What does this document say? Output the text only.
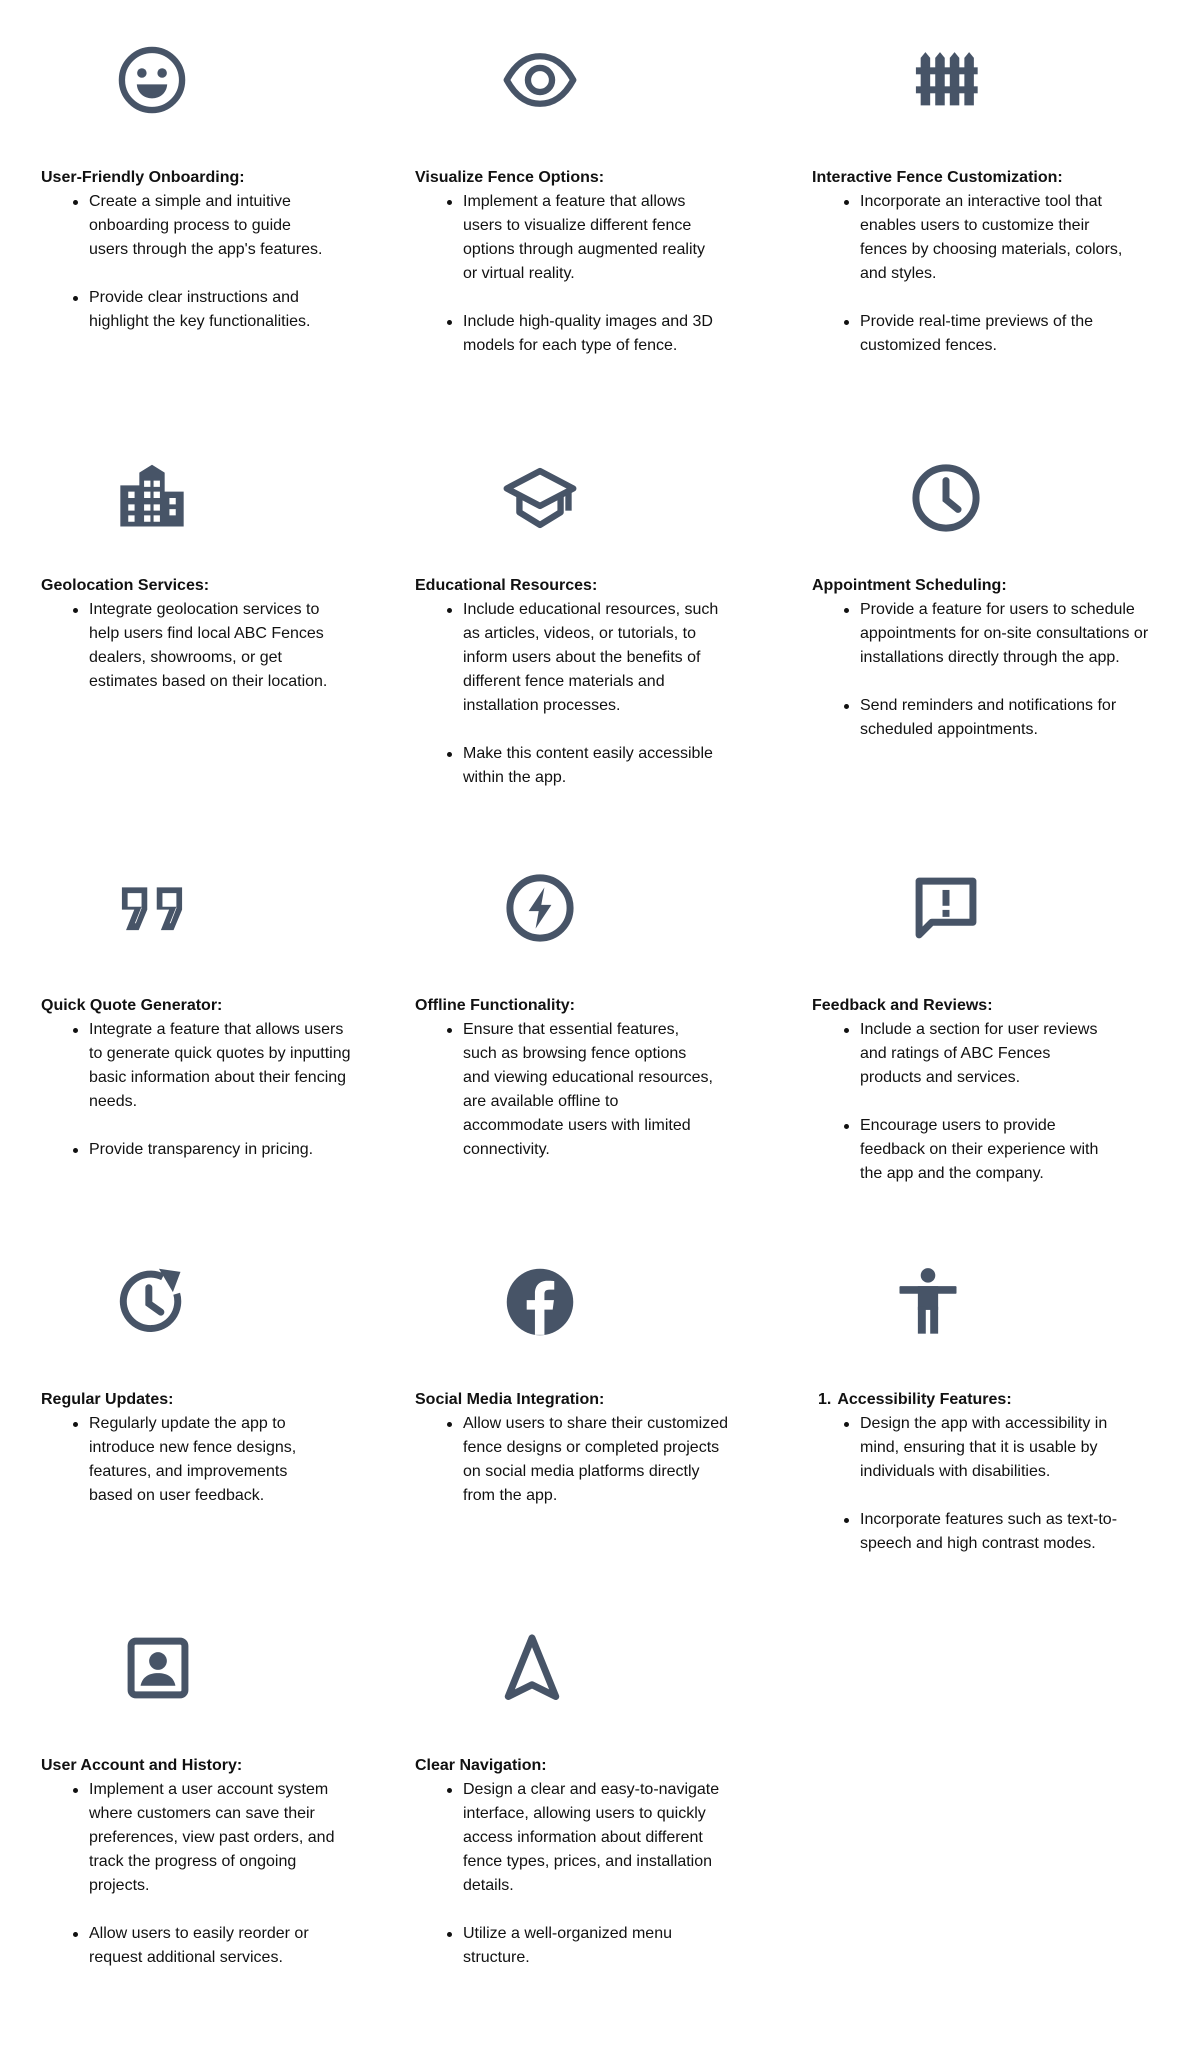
User-Friendly Onboarding:
Create a simple and intuitive onboarding process to guide users through the app's features.
Provide clear instructions and highlight the key functionalities.
Visualize Fence Options:
Implement a feature that allows users to visualize different fence options through augmented reality or virtual reality.
Include high-quality images and 3D models for each type of fence.
Interactive Fence Customization:
Incorporate an interactive tool that enables users to customize their fences by choosing materials, colors, and styles.
Provide real-time previews of the customized fences.
Geolocation Services:
Integrate geolocation services to help users find local ABC Fences dealers, showrooms, or get estimates based on their location.
Educational Resources:
Include educational resources, such as articles, videos, or tutorials, to inform users about the benefits of different fence materials and installation processes.
Make this content easily accessible within the app.
Appointment Scheduling:
Provide a feature for users to schedule appointments for on-site consultations or installations directly through the app.
Send reminders and notifications for scheduled appointments.
Quick Quote Generator:
Integrate a feature that allows users to generate quick quotes by inputting basic information about their fencing needs.
Provide transparency in pricing.
Offline Functionality:
Ensure that essential features, such as browsing fence options and viewing educational resources, are available offline to accommodate users with limited connectivity.
Feedback and Reviews:
Include a section for user reviews and ratings of ABC Fences products and services.
Encourage users to provide feedback on their experience with the app and the company.
Regular Updates:
Regularly update the app to introduce new fence designs, features, and improvements based on user feedback.
Social Media Integration:
Allow users to share their customized fence designs or completed projects on social media platforms directly from the app.
1. Accessibility Features:
Design the app with accessibility in mind, ensuring that it is usable by individuals with disabilities.
Incorporate features such as text-to-speech and high contrast modes.
User Account and History:
Implement a user account system where customers can save their preferences, view past orders, and track the progress of ongoing projects.
Allow users to easily reorder or request additional services.
Clear Navigation:
Design a clear and easy-to-navigate interface, allowing users to quickly access information about different fence types, prices, and installation details.
Utilize a well-organized menu structure.
